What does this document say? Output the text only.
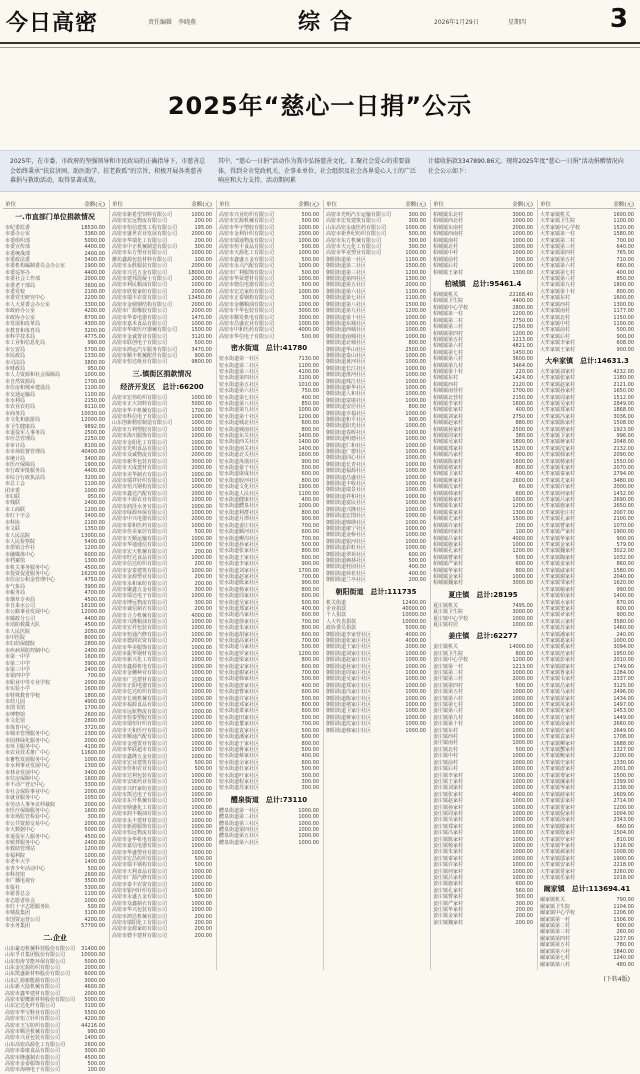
今日高密	责任编辑　李晓燕	综合	2026年1月29日	星期四	3
2025年“慈心一日捐”公示
2025年，在市委、市政府的坚强领导和市民政局的正确指导下，市慈善总会始终秉承“扶贫济困、助医助学、扶老救孤”的宗旨，积极开展各类慈善募捐与救助活动，取得显著成效。
其中，“慈心一日捐”活动作为我市弘扬慈善文化、汇聚社会爱心的重要载体，得到全市党政机关、企事业单位、社会组织及社会各界爱心人士的广泛响应和大力支持，活动期间累
计接收捐款3347890.86元。现将2025年度“慈心一日捐”活动捐赠情况向社会公示如下：
单位	金额(元)
一.市直部门单位捐款情况
市纪委监委	18530.00
市委办公室	3360.00
市委组织部	5000.00
市委宣传部	4400.00
市委统战部	2400.00
市委政法委	3400.00
市委机构编制委员会办公室	1900.00
市委巡察办	4400.00
市委社会工作部	2000.00
市委老干部局	3600.00
市委党校	2100.00
市委党史研究中心	2200.00
市人大常委会办公室	3300.00
市政府办公室	4200.00
市政协办公室	8700.00
市发展和改革局	4300.00
市教育和体育局	3200.00
市科学技术局	4775.00
市工业和信息化局	990.00
市公安局	5700.00
市民政局	1330.00
市司法局	3800.00
市财政局	950.00
市人力资源和社会保障局	1000.00
市自然资源局	1700.00
市住房和城乡建设局	1100.00
市交通运输局	1100.00
市水利局	2150.00
市农业农村局	9110.00
市商务局	10030.00
市文化和旅游局	12000.00
市卫生健康局	9892.00
市退役军人事务局	2500.00
市应急管理局	2250.00
市审计局	8100.00
市市场监督管理局	40400.00
市统计局	3400.00
市医疗保障局	1900.00
市行政审批服务局	4400.00
市综合行政执法局	3200.00
市总工会	1100.00
团市委	1000.00
市妇联	950.00
市残联	2400.00
市工商联	1200.00
市红十字会	3400.00
市科协	2100.00
市文联	1350.00
市人民法院	13000.00
市人民检察院	5400.00
市供销合作社	1200.00
市融媒体中心	6000.00
市档案馆	1300.00
市机关事务服务中心	4500.00
市投资促进服务中心	16200.00
市住房公积金管理中心	4750.00
市气象局	3900.00
市税务局	4700.00
市烟草专卖局	4500.00
市自来水公司	18100.00
市公路事业发展中心	12000.00
市邮政分公司	4400.00
市消防救援大队	4500.00
市人民医院	2050.00
市中医院	8000.00
市妇幼保健院	2800.00
市疾病预防控制中心	2400.00
市第一中学	1600.00
市第二中学	3900.00
市第三中学	2400.00
市第四中学	700.00
市职业中等专业学校	2000.00
市实验小学	1600.00
市特殊教育学校	1800.00
市幼儿园	4900.00
市图书馆	1700.00
市博物馆	2600.00
市文化馆	2800.00
市体育中心	3720.00
市城市管理服务中心	2300.00
市园林绿化服务中心	2000.00
市环卫服务中心	4100.00
市农业技术推广中心	11600.00
市畜牧发展服务中心	1000.00
市水利事业发展中心	1300.00
市林业发展中心	3400.00
市住房保障中心	1600.00
市不动产登记中心	3300.00
市社会保险事业中心	2000.00
市就业服务中心	1050.00
市劳动人事争议仲裁院	2000.00
市医疗保障服务中心	1600.00
市市场监管检验中心	300.00
市公共资源交易中心	2000.00
市大数据中心	5000.00
市退役军人服务中心	4500.00
市殡葬服务中心	2400.00
市救助管理站	1200.00
市福利院	1000.00
市老年大学	1400.00
市青少年活动中心	500.00
市科技馆	2600.00
市广播电视台	3500.00
市报社	5300.00
市慈善总会	1100.00
市志愿者协会	1000.00
市红十字志愿服务队	500.00
市城投集团	3100.00
市国资运营公司	4200.00
市水务集团	57700.00
二.企业
山东豪迈机械科技股份有限公司	31400.00
山东孚日集团股份有限公司	10000.00
山东恒涛节能环保有限公司	5000.00
山东金宏源纺织有限公司	2000.00
山东凯盛新材料股份有限公司	6000.00
山东汇源新能源有限公司	3000.00
山东新大陆机械有限公司	4600.00
高密市鑫华建材有限公司	2000.00
高密市银鹰新材料股份有限公司	5000.00
山东宏达化纤有限公司	3100.00
高密市华宝鞋业有限公司	5500.00
高密市恒立针织有限公司	4200.00
高密市玉宝纺织有限公司	44216.00
高密市顺达机械有限公司	990.00
高密市兴业包装有限公司	1400.00
山东高密高源化工有限公司	2600.00
高密市泰康食品有限公司	3000.00
高密市隆盛制衣有限公司	4500.00
高密市金泰服饰有限公司	500.00
高密市海纳电子有限公司	100.00
单位	金额(元)
高密市新希望饲料有限公司	1000.00
高密市宏远物流有限公司	200.00
高密市恒信建筑工程有限公司	195.00
高密市盛世农业发展有限公司	2000.00
高密市华瑞化工有限公司	200.00
高密市中正机械制造有限公司	300.00
高密市东方塑业有限公司	1000.00
潍坊鑫源包装材料有限公司	100.00
高密市永胜服装有限公司	2000.00
高密市兴达五金有限公司	18000.00
高密市建邦混凝土有限公司	2000.00
高密市利民粮油有限公司	1000.00
高密市欣悦家纺有限公司	2000.00
高密市瑞丰农资有限公司	13450.00
高密市金鼎钢结构有限公司	2000.00
高密市广源橡胶有限公司	2000.00
高密市华泰电器有限公司	1470.00
高密市嘉禾食品有限公司	1000.00
高密市华康医疗器械有限公司	1500.00
高密市金诚置业有限公司	3120.00
高密市联创电子有限公司	500.00
高密市鸿运汽车服务有限公司	3470.00
高密市顺丰机械配件有限公司	900.00
高密市恒达纸业有限公司	9800.00
三.镇街区捐款情况
经济开发区　总计:66200
高密市宏伟纺织有限公司	1000.00
高密市正大饲料有限公司	5000.00
高密市华丰机械有限公司	1700.00
高密市科信电子有限公司	1000.00
山东创新精密制造有限公司	1000.00
高密市万利塑胶有限公司	1000.00
高密市海川服饰有限公司	1000.00
高密市金阳化工有限公司	1000.00
高密市光明食品有限公司	1000.00
高密市众诚物流有限公司	2000.00
高密市新华包装有限公司	3000.00
高密市天成建材有限公司	2000.00
高密市美华制衣有限公司	1000.00
高密市瑞祥针织有限公司	1000.00
高密市恒兴钢构有限公司	1000.00
高密市鑫达汽配有限公司	2000.00
高密市丰源农业有限公司	1000.00
高密市润泽水务有限公司	1000.00
高密市绿源环保有限公司	1000.00
高密市中兴电器有限公司	2000.00
高密市泰和医药有限公司	1000.00
高密市佳美家居有限公司	500.00
高密市天顺运输有限公司	1000.00
高密市华通通信有限公司	1000.00
高密市宏大机械有限公司	200.00
高密市旺达食品有限公司	1000.00
高密市信达纺织有限公司	200.00
高密市安泰建筑有限公司	1000.00
高密市金源塑业有限公司	200.00
高密市永和家纺有限公司	200.00
高密市聚鑫五金有限公司	300.00
高密市瑞达电子有限公司	1000.00
高密市博远物流有限公司	300.00
高密市诚信制衣有限公司	200.00
高密市合力机械有限公司	4000.00
高密市兴隆粮油有限公司	1000.00
高密市宏祥包装有限公司	1000.00
高密市恒通汽修有限公司	1000.00
高密市德润农资有限公司	2000.00
高密市华美服饰有限公司	1000.00
高密市振华钢材有限公司	1000.00
高密市新兴化工有限公司	1000.00
高密市鑫源机电有限公司	1000.00
高密市金穗种业有限公司	1000.00
高密市广达建材有限公司	1000.00
高密市正阳电器有限公司	1000.00
高密市亿达纺织有限公司	1000.00
高密市长城机械有限公司	1000.00
高密市福源食品有限公司	1000.00
高密市远航物流有限公司	1000.00
高密市恒泰塑胶有限公司	1000.00
高密市瑞恒针织有限公司	1000.00
高密市天和医疗有限公司	1000.00
高密市顺通汽配有限公司	1000.00
高密市金地置业有限公司	1000.00
高密市华联超市有限公司	1000.00
高密市鑫隆五金有限公司	1000.00
高密市宏业建筑有限公司	500.00
高密市佳和农业有限公司	500.00
高密市达利包装有限公司	1000.00
高密市安康药业有限公司	1000.00
高密市兴旺家纺有限公司	1000.00
高密市凯达电子有限公司	1000.00
高密市东升机械有限公司	1000.00
高密市鼎盛化工有限公司	1000.00
高密市润丰粮油有限公司	1000.00
高密市永丰建材有限公司	1000.00
高密市新源服饰有限公司	1000.00
高密市恒远物流有限公司	1000.00
高密市金华机电有限公司	1000.00
高密市嘉信电器有限公司	1000.00
高密市华盛塑业有限公司	1000.00
高密市宏昌纺织有限公司	500.00
高密市瑞丰钢构有限公司	500.00
高密市天利食品有限公司	1000.00
高密市广源汽修有限公司	1000.00
高密市泰丰农资有限公司	1000.00
高密市银河针织有限公司	1000.00
高密市永盛五金有限公司	500.00
高密市众鑫制衣有限公司	1000.00
高密市华兴包装有限公司	1000.00
高密市鸿达机械有限公司	200.00
高密市瑞阳化工有限公司	200.00
高密市金源家纺有限公司	200.00
高密市德丰建材有限公司	200.00
单位	金额(元)
高密市兴业纺织有限公司	500.00
高密市宏源机械有限公司	500.00
高密市华宇塑胶有限公司	1000.00
高密市金利针织有限公司	2000.00
高密市瑞通物流有限公司	1000.00
高密市恒丰食品有限公司	500.00
高密市天源化工有限公司	1000.00
高密市鑫盛五金有限公司	500.00
高密市永兴汽配有限公司	1000.00
高密市广利服饰有限公司	500.00
高密市华荣建材有限公司	1000.00
高密市德信电器有限公司	500.00
高密市宏达家纺有限公司	1000.00
高密市正泰钢构有限公司	300.00
高密市金穗粮油有限公司	1000.00
高密市丰华包装有限公司	3000.00
高密市顺发机电有限公司	3000.00
高密市昌盛农业有限公司	1000.00
高密市中和医药有限公司	4000.00
高密市华信电子有限公司	500.00
密水街道　总计:41780
密水街道第一社区	7130.00
密水街道第二社区	1100.00
密水街道第三社区	4100.00
密水街道第四社区	3100.00
密水街道第五社区	1010.00
密水街道第六社区	750.00
密水街道第七社区	400.00
密水街道第八社区	850.00
密水街道第九社区	1000.00
密水街道第十社区	1200.00
密水街道城北社区	600.00
密水街道城南社区	800.00
密水街道东关社区	1400.00
密水街道西关社区	1400.00
密水街道南关社区	1400.00
密水街道北关社区	1600.00
密水街道凤凰社区	900.00
密水街道晏子社区	500.00
密水街道康成社区	600.00
密水街道胶河社区	800.00
密水街道文化社区	1900.00
密水街道人民社区	1100.00
密水街道健康社区	400.00
密水街道醴泉社区	1000.00
密水街道利群社区	800.00
密水街道月潭社区	900.00
密水街道姜庄社区	700.00
密水街道顺河社区	600.00
密水街道柳沟社区	700.00
密水街道孙家社区	500.00
密水街道张家社区	800.00
密水街道王家社区	600.00
密水街道李家社区	900.00
密水街道刘家社区	1700.00
密水街道赵家社区	700.00
密水街道陈家社区	900.00
密水街道杨家社区	800.00
密水街道周家社区	600.00
密水街道吴家社区	500.00
密水街道郑家社区	400.00
密水街道冯家社区	600.00
密水街道徐家社区	700.00
密水街道朱家社区	800.00
密水街道胡家社区	600.00
密水街道高家社区	700.00
密水街道马家社区	500.00
密水街道罗家社区	1200.00
密水街道梁家社区	800.00
密水街道宋家社区	600.00
密水街道谢家社区	700.00
密水街道韩家社区	500.00
密水街道唐家社区	400.00
密水街道曹家社区	600.00
密水街道许家社区	500.00
密水街道邓家社区	800.00
密水街道萧家社区	600.00
密水街道田家社区	500.00
密水街道董家社区	700.00
密水街道袁家社区	500.00
密水街道潘家社区	600.00
密水街道于家社区	800.00
密水街道蒋家社区	500.00
密水街道蔡家社区	400.00
密水街道余家社区	600.00
密水街道杜家社区	500.00
密水街道叶家社区	300.00
密水街道程家社区	300.00
密水街道苏家社区	300.00
醴泉街道　总计:73110
醴泉街道第一社区	1000.00
醴泉街道第二社区	1000.00
醴泉街道第三社区	1000.00
醴泉街道第四社区	1000.00
醴泉街道第五社区	1000.00
醴泉街道第六社区	1000.00
单位	金额(元)
高密市光明汽车运输有限公司	300.00
高密市宏发建筑有限公司	300.00
山东高密永康医药有限公司	1000.00
高密市新世纪纺织有限公司	500.00
高密市东方机械有限公司	300.00
高密市天元化工有限公司	300.00
高密市华龙塑业有限公司	1000.00
朝阳街道第一社区	1100.00
朝阳街道第二社区	1500.00
朝阳街道第三社区	1200.00
朝阳街道第四社区	1300.00
朝阳街道第五社区	2000.00
朝阳街道第六社区	1100.00
朝阳街道第七社区	1100.00
朝阳街道第八社区	1500.00
朝阳街道第九社区	1200.00
朝阳街道第十社区	1000.00
朝阳街道东城社区	1000.00
朝阳街道西城社区	1000.00
朝阳街道南城社区	1000.00
朝阳街道北城社区	800.00
朝阳街道华山社区	2500.00
朝阳街道泰山社区	1000.00
朝阳街道黄河社区	1000.00
朝阳街道长江社区	1000.00
朝阳街道淮河社区	1000.00
朝阳街道珠江社区	1000.00
朝阳街道新华社区	1000.00
朝阳街道人和社区	1000.00
朝阳街道富康社区	1000.00
朝阳街道安居社区	800.00
朝阳街道幸福社区	1000.00
朝阳街道和平社区	900.00
朝阳街道阳光社区	1000.00
朝阳街道春晖社区	1000.00
朝阳街道明德社区	1000.00
朝阳街道仁和社区	1000.00
朝阳街道广德社区	1000.00
朝阳街道同心社区	1000.00
朝阳街道长青社区	1000.00
朝阳街道福源社区	1000.00
朝阳街道昌盛社区	1000.00
朝阳街道丰收社区	1000.00
朝阳街道瑞景社区	1000.00
朝阳街道祥和社区	1000.00
朝阳街道富民社区	1000.00
朝阳街道兴隆社区	1000.00
朝阳街道宏图社区	1000.00
朝阳街道锦绣社区	1000.00
朝阳街道康宁社区	1000.00
朝阳街道金桥社区	1000.00
朝阳街道银河社区	1000.00
朝阳街道彩虹社区	1000.00
朝阳街道翠苑社区	600.00
朝阳街道枫林社区	500.00
朝阳街道桂园社区	400.00
朝阳街道荷花社区	400.00
朝阳街道兰亭社区	200.00
朝阳街道　总计:111735
机关街道	12400.00
企业捐款	40000.00
个人捐款	10000.00
人大代表捐款	10000.00
政协委员捐款	5000.00
朝阳街道李家营社区	4000.00
朝阳街道张家庄社区	4000.00
朝阳街道王家庄社区	2000.00
朝阳街道刘家庄社区	1000.00
朝阳街道赵家庄社区	1000.00
朝阳街道孙家庄社区	1000.00
朝阳街道周家庄社区	1000.00
朝阳街道吴家庄社区	1000.00
朝阳街道郑家庄社区	1000.00
朝阳街道冯家庄社区	1000.00
朝阳街道陈家庄社区	1000.00
朝阳街道褚家庄社区	1000.00
朝阳街道卫家庄社区	1000.00
朝阳街道蒋家庄社区	1000.00
朝阳街道沈家庄社区	1000.00
朝阳街道韩家庄社区	1000.00
单位	金额(元)
柏城镇东北村	3000.00
柏城镇西北村	1000.00
柏城镇东南村	2000.00
柏城镇西南村	1000.00
柏城镇南村	1000.00
柏城镇北村	1000.00
柏城镇中村	1000.00
柏城镇前村	300.00
柏城镇后村	1000.00
柏城镇王家村	1300.00
柏城镇　总计:95461.4
柏城镇机关	22168.40
柏城镇卫生院	4400.00
柏城镇中心学校	2800.00
柏城镇第一村	1200.00
柏城镇第二村	2750.00
柏城镇第三村	1250.00
柏城镇第四村	1200.00
柏城镇第五村	1213.00
柏城镇第六村	4821.00
柏城镇第七村	1450.00
柏城镇第八村	3600.00
柏城镇第九村	3464.00
柏城镇第十村	220.00
柏城镇东村	1424.00
柏城镇西村	2120.00
柏城镇南营村	1700.00
柏城镇北营村	2150.00
柏城镇李家村	1600.00
柏城镇张家村	400.00
柏城镇刘家村	2750.00
柏城镇赵家村	880.00
柏城镇孙家村	2500.00
柏城镇周家村	380.00
柏城镇吴家村	1800.00
柏城镇郑家村	1520.00
柏城镇冯家村	800.00
柏城镇陈家村	1600.00
柏城镇褚家村	800.00
柏城镇卫家村	400.00
柏城镇蒋家村	2600.00
柏城镇沈家村	60.00
柏城镇韩家村	600.00
柏城镇杨家村	1000.00
柏城镇朱家村	1200.00
柏城镇秦家村	1300.00
柏城镇尤家村	1500.00
柏城镇许家村	200.00
柏城镇何家村	100.00
柏城镇吕家村	4000.00
柏城镇施家村	1000.00
柏城镇孔家村	1200.00
柏城镇曹家村	500.00
柏城镇严家村	600.00
柏城镇华家村	800.00
柏城镇金家村	1000.00
柏城镇魏家村	3000.00
夏庄镇　总计:28195
夏庄镇机关	7495.00
夏庄镇卫生院	3000.00
夏庄镇中心学校	1000.00
夏庄镇村居	1000.00
姜庄镇　总计:62277
姜庄镇机关	14000.00
姜庄镇卫生院	800.00
姜庄镇中心学校	1200.00
姜庄镇第一村	1213.00
姜庄镇第二村	1000.00
姜庄镇第三村	2000.00
姜庄镇第四村	500.00
姜庄镇第五村	1000.00
姜庄镇第六村	1000.00
姜庄镇第七村	1000.00
姜庄镇第八村	600.00
姜庄镇第九村	1600.00
姜庄镇第十村	1000.00
姜庄镇东村	1000.00
姜庄镇西村	1000.00
姜庄镇南村	1000.00
姜庄镇北村	500.00
姜庄镇中村	1000.00
姜庄镇前村	1000.00
姜庄镇后村	1000.00
姜庄镇李家村	1000.00
姜庄镇王家村	1000.00
姜庄镇刘家村	1000.00
姜庄镇张家村	4000.00
姜庄镇赵家村	1000.00
姜庄镇孙家村	1000.00
姜庄镇周家村	1000.00
姜庄镇吴家村	1000.00
姜庄镇郑家村	1000.00
姜庄镇冯家村	1000.00
姜庄镇陈家村	1000.00
姜庄镇杨家村	1000.00
姜庄镇朱家村	1000.00
姜庄镇秦家村	1000.00
姜庄镇许家村	1000.00
姜庄镇何家村	1000.00
姜庄镇吕家村	1000.00
姜庄镇施家村	600.00
姜庄镇孔家村	560.00
姜庄镇曹家村	300.00
姜庄镇严家村	300.00
姜庄镇华家村	200.00
姜庄镇金家村	200.00
姜庄镇魏家村	200.00
单位	金额(元)
大牟家镇机关	1600.00
大牟家镇卫生院	1100.00
大牟家镇中心学校	1520.00
大牟家镇第一村	1580.00
大牟家镇第二村	700.00
大牟家镇第三村	640.00
大牟家镇第四村	765.00
大牟家镇第五村	710.00
大牟家镇第六村	660.00
大牟家镇第七村	400.00
大牟家镇第八村	850.00
大牟家镇第九村	1800.00
大牟家镇第十村	800.00
大牟家镇东村	1600.00
大牟家镇西村	1300.00
大牟家镇南村	1177.00
大牟家镇北村	1150.00
大牟家镇中村	1100.00
大牟家镇前村	500.00
大牟家镇后村	900.00
大牟家镇李家村	608.00
大牟家镇王家村	900.00
大牟家镇　总计:14631.3
大牟家镇刘家村	4232.00
大牟家镇张家村	1180.00
大牟家镇赵家村	2121.00
大牟家镇孙家村	1650.00
大牟家镇周家村	1512.00
大牟家镇吴家村	2849.00
大牟家镇郑家村	1868.00
大牟家镇冯家村	3036.00
大牟家镇陈家村	1508.00
大牟家镇褚家村	1923.00
大牟家镇卫家村	996.00
大牟家镇蒋家村	2048.00
大牟家镇沈家村	2132.00
大牟家镇韩家村	2090.00
大牟家镇杨家村	1550.00
大牟家镇朱家村	2070.00
大牟家镇秦家村	2794.00
大牟家镇尤家村	3480.00
大牟家镇许家村	2000.00
大牟家镇何家村	1432.00
大牟家镇吕家村	2690.00
大牟家镇施家村	2650.00
大牟家镇张庄村	2007.00
大牟家镇孔家村	2100.00
大牟家镇曹家村	1070.00
大牟家镇严家村	1900.00
大牟家镇华家村	900.00
大牟家镇金家村	579.00
大牟家镇魏家村	3022.00
大牟家镇陶家村	1032.00
大牟家镇姜家村	860.00
大牟家镇戚家村	1580.00
大牟家镇谢家村	2040.00
大牟家镇邹家村	1620.00
大牟家镇喻家村	990.00
大牟家镇柏家村	1400.00
大牟家镇水家村	870.00
大牟家镇窦家村	600.00
大牟家镇章家村	900.00
大牟家镇云家村	3580.00
大牟家镇苏家村	1460.00
大牟家镇潘家村	240.00
大牟家镇葛家村	1000.00
大牟家镇奚家村	3094.00
大牟家镇范家村	1950.00
大牟家镇彭家村	2010.00
大牟家镇郎家村	1749.00
大牟家镇鲁家村	1284.00
大牟家镇韦家村	2337.00
大牟家镇昌家村	3125.00
大牟家镇马家村	2496.00
大牟家镇苗家村	1434.00
大牟家镇凤家村	1497.00
大牟家镇花家村	1453.00
大牟家镇方家村	1449.00
大牟家镇俞家村	2660.00
大牟家镇任家村	2649.00
大牟家镇袁家村	1708.00
大牟家镇柳家村	1688.00
大牟家镇酆家村	1327.00
大牟家镇鲍家村	2200.00
大牟家镇史家村	1330.00
大牟家镇唐家村	2001.00
大牟家镇费家村	1500.00
大牟家镇廉家村	1399.00
大牟家镇岑家村	2138.00
大牟家镇薛家村	1609.00
大牟家镇雷家村	2714.00
大牟家镇贺家村	1200.00
大牟家镇倪家村	1004.00
大牟家镇汤家村	2343.00
大牟家镇滕家村	660.00
大牟家镇殷家村	1504.00
大牟家镇罗家村	810.00
大牟家镇毕家村	1316.00
大牟家镇郝家村	1008.00
大牟家镇邬家村	1900.00
大牟家镇安家村	2218.00
大牟家镇常家村	3260.00
大牟家镇乐家村	1018.00
阚家镇　总计:113694.41
阚家镇机关	790.00
阚家镇卫生院	1104.00
阚家镇中心学校	1206.00
阚家镇第一村	1306.00
阚家镇第二村	600.00
阚家镇第三村	260.00
阚家镇第四村	1237.00
阚家镇第五村	780.00
阚家镇第六村	1840.00
阚家镇第七村	1240.00
阚家镇第八村	480.00
(下转4版)
